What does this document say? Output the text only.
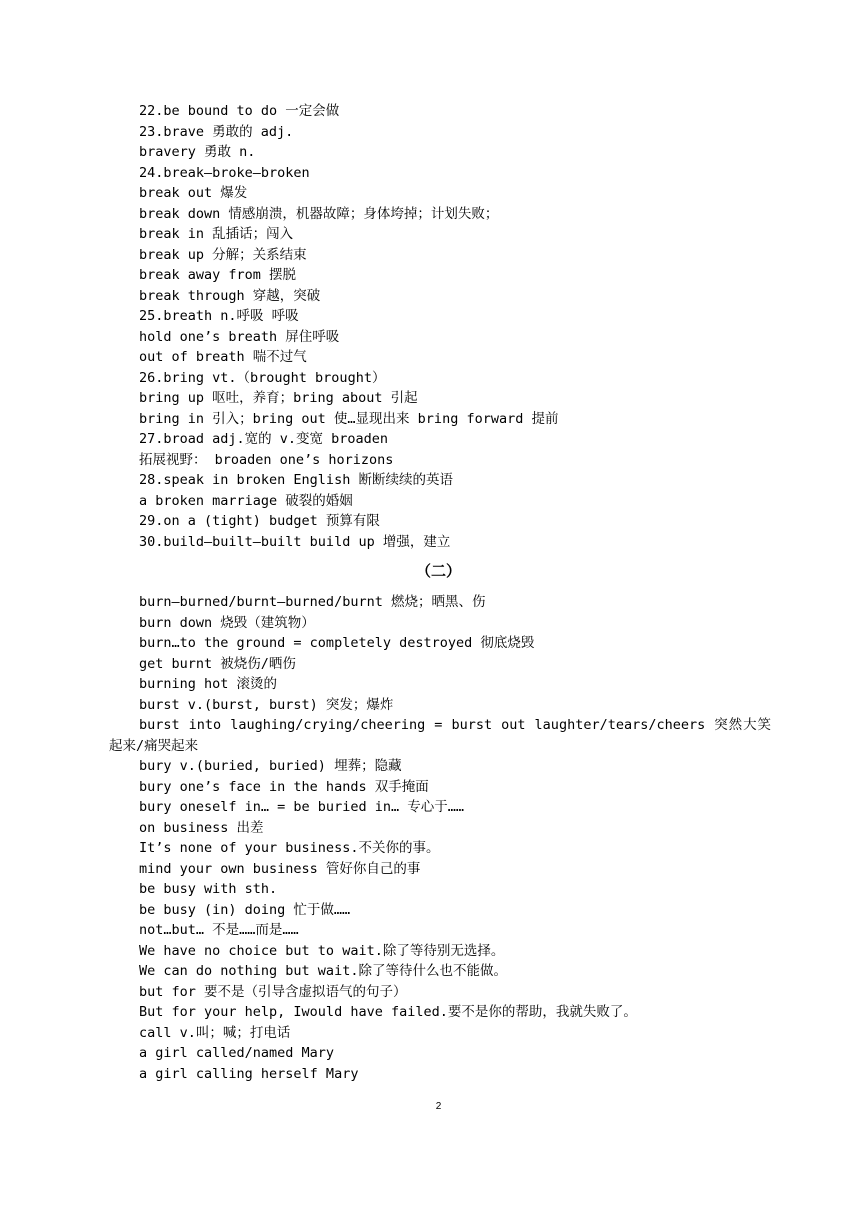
22.be bound to do 一定会做
23.brave 勇敢的 adj.
bravery 勇敢 n.
24.break—broke—broken
break out 爆发
break down 情感崩溃，机器故障；身体垮掉；计划失败；
break in 乱插话；闯入
break up 分解；关系结束
break away from 摆脱
break through 穿越，突破
25.breath n.呼吸 呼吸
hold one’s breath 屏住呼吸
out of breath 喘不过气
26.bring vt.（brought brought）
bring up 呕吐，养育；bring about 引起
bring in 引入；bring out 使…显现出来 bring forward 提前
27.broad adj.宽的 v.变宽 broaden
拓展视野： broaden one’s horizons
28.speak in broken English 断断续续的英语
a broken marriage 破裂的婚姻
29.on a (tight) budget 预算有限
30.build—built—built build up 增强，建立
（二）
burn—burned/burnt—burned/burnt 燃烧；晒黑、伤
burn down 烧毁（建筑物）
burn…to the ground = completely destroyed 彻底烧毁
get burnt 被烧伤/晒伤
burning hot 滚烫的
burst v.(burst, burst) 突发；爆炸
burst into laughing/crying/cheering = burst out laughter/tears/cheers 突然大笑
起来/痛哭起来
bury v.(buried, buried) 埋葬；隐藏
bury one’s face in the hands 双手掩面
bury oneself in… = be buried in… 专心于……
on business 出差
It’s none of your business.不关你的事。
mind your own business 管好你自己的事
be busy with sth.
be busy (in) doing 忙于做……
not…but… 不是……而是……
We have no choice but to wait.除了等待别无选择。
We can do nothing but wait.除了等待什么也不能做。
but for 要不是（引导含虚拟语气的句子）
But for your help, Iwould have failed.要不是你的帮助，我就失败了。
call v.叫；喊；打电话
a girl called/named Mary
a girl calling herself Mary
2
